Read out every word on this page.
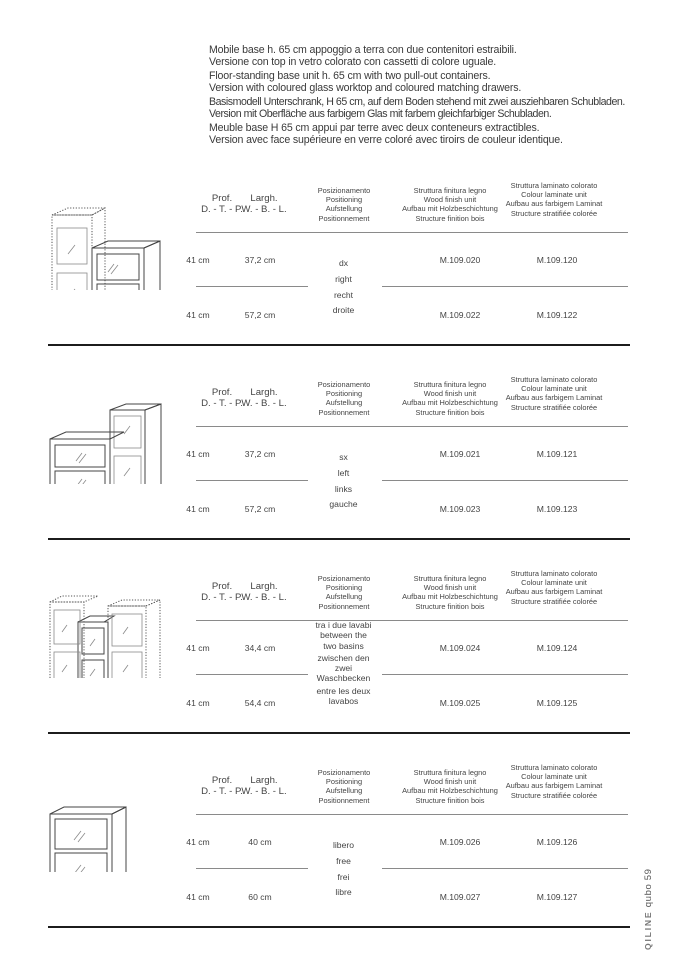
Mobile base h. 65 cm appoggio a terra con due contenitori estraibili.
Versione con top in vetro colorato con cassetti di colore uguale.
Floor-standing base unit h. 65 cm with two pull-out containers.
Version with coloured glass worktop and coloured matching drawers.
Basismodell Unterschrank, H 65 cm, auf dem Boden stehend mit zwei ausziehbaren Schubladen.
Version mit Oberfläche aus farbigem Glas mit farbem gleichfarbiger Schubladen.
Meuble base H 65 cm appui par terre avec deux conteneurs extractibles.
Version avec face supérieure en verre coloré avec tiroirs de couleur identique.
Prof.
D. - T. - P.
Largh.
W. - B. - L.
Posizionamento
Positioning
Aufstellung
Positionnement
Struttura finitura legno
Wood finish unit
Aufbau mit Holzbeschichtung
Structure finition bois
Struttura laminato colorato
Colour laminate unit
Aufbau aus farbigem Laminat
Structure stratifiée colorée
41 cm	37,2 cm	M.109.020	M.109.120
41 cm	57,2 cm	M.109.022	M.109.122
dx
right
recht
droite
Prof.
D. - T. - P.
Largh.
W. - B. - L.
Posizionamento
Positioning
Aufstellung
Positionnement
Struttura finitura legno
Wood finish unit
Aufbau mit Holzbeschichtung
Structure finition bois
Struttura laminato colorato
Colour laminate unit
Aufbau aus farbigem Laminat
Structure stratifiée colorée
41 cm	37,2 cm	M.109.021	M.109.121
41 cm	57,2 cm	M.109.023	M.109.123
sx
left
links
gauche
Prof.
D. - T. - P.
Largh.
W. - B. - L.
Posizionamento
Positioning
Aufstellung
Positionnement
Struttura finitura legno
Wood finish unit
Aufbau mit Holzbeschichtung
Structure finition bois
Struttura laminato colorato
Colour laminate unit
Aufbau aus farbigem Laminat
Structure stratifiée colorée
41 cm	34,4 cm	M.109.024	M.109.124
41 cm	54,4 cm	M.109.025	M.109.125
tra i due lavabi
between the
two basins
zwischen den
zwei
Waschbecken
entre les deux
lavabos
Prof.
D. - T. - P.
Largh.
W. - B. - L.
Posizionamento
Positioning
Aufstellung
Positionnement
Struttura finitura legno
Wood finish unit
Aufbau mit Holzbeschichtung
Structure finition bois
Struttura laminato colorato
Colour laminate unit
Aufbau aus farbigem Laminat
Structure stratifiée colorée
41 cm	40 cm	M.109.026	M.109.126
41 cm	60 cm	M.109.027	M.109.127
libero
free
frei
libre
QILINE qubo 59
